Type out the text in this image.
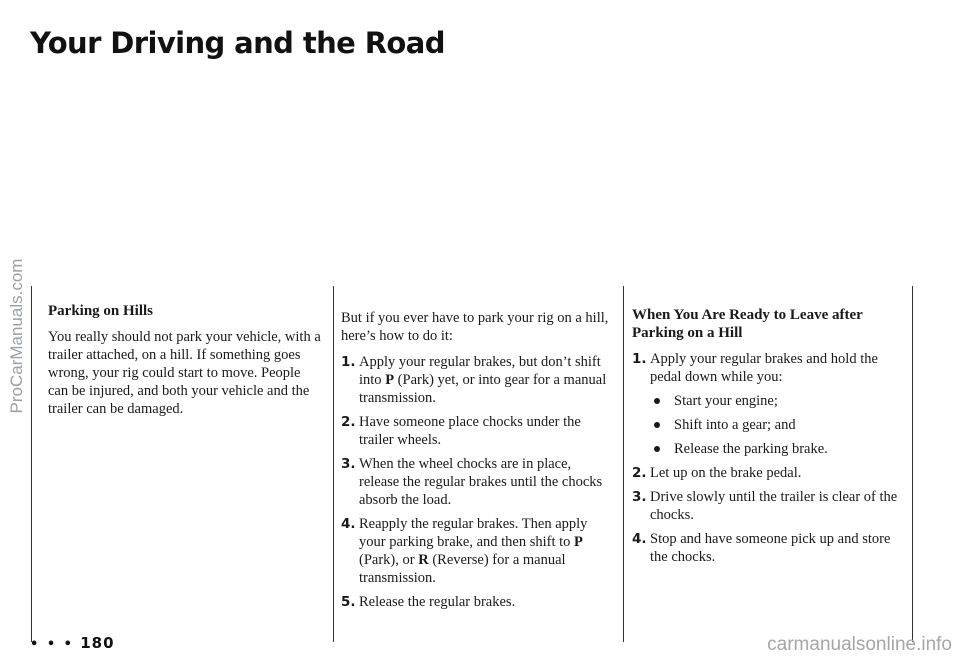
Your Driving and the Road
ProCarManuals.com Parking on Hills

You really should not park your vehicle, with a trailer attached, on a hill. If something goes wrong, your rig could start to move. People can be injured, and both your vehicle and the trailer can be damaged.

But if you ever have to park your rig on a hill, here’s how to do it:

1. Apply your regular brakes, but don’t shift into P (Park) yet, or into gear for a manual transmission.
2. Have someone place chocks under the trailer wheels.
3. When the wheel chocks are in place, release the regular brakes until the chocks absorb the load.
4. Reapply the regular brakes. Then apply your parking brake, and then shift to P (Park), or R (Reverse) for a manual transmission.
5. Release the regular brakes.
When You Are Ready to Leave after Parking on a Hill
1. Apply your regular brakes and hold the pedal down while you:
Start your engine;
Shift into a gear; and
Release the parking brake.
2. Let up on the brake pedal.
3. Drive slowly until the trailer is clear of the chocks.
4. Stop and have someone pick up and store the chocks.
• • • 180	carmanualsonline.info
